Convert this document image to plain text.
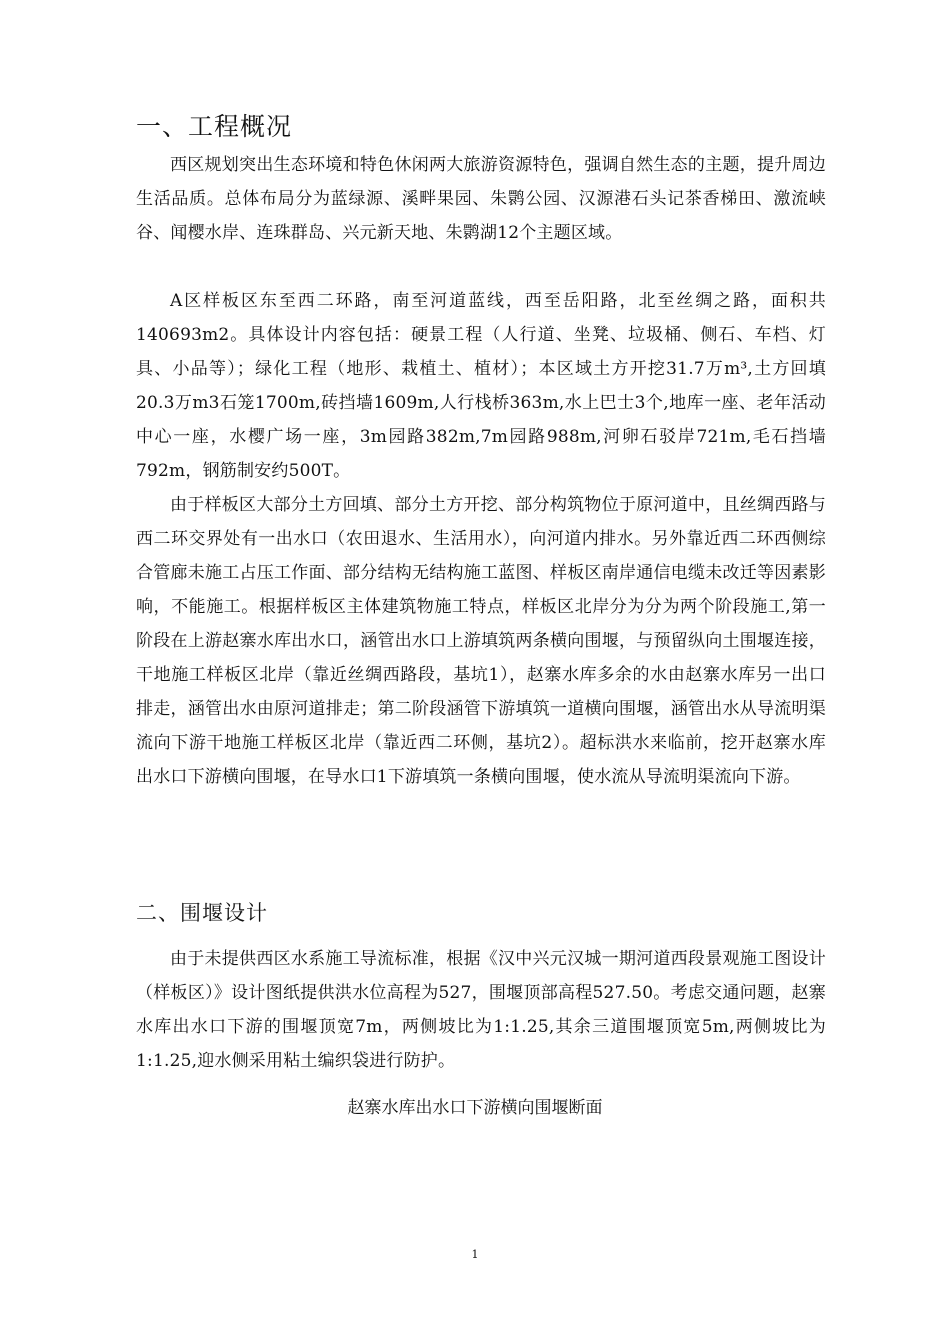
一、工程概况

西区规划突出生态环境和特色休闲两大旅游资源特色，强调自然生态的主题，提升周边生活品质。总体布局分为蓝绿源、溪畔果园、朱鹮公园、汉源港石头记茶香梯田、激流峡谷、闻樱水岸、连珠群岛、兴元新天地、朱鹮湖12个主题区域。

A区样板区东至西二环路，南至河道蓝线，西至岳阳路，北至丝绸之路，面积共140693m2。具体设计内容包括：硬景工程（人行道、坐凳、垃圾桶、侧石、车档、灯具、小品等）；绿化工程（地形、栽植土、植材）；本区域土方开挖31.7万m³,土方回填20.3万m3石笼1700m,砖挡墙1609m,人行栈桥363m,水上巴士3个,地库一座、老年活动中心一座，水樱广场一座，3m园路382m,7m园路988m,河卵石驳岸721m,毛石挡墙792m，钢筋制安约500T。

由于样板区大部分土方回填、部分土方开挖、部分构筑物位于原河道中，且丝绸西路与西二环交界处有一出水口（农田退水、生活用水），向河道内排水。另外靠近西二环西侧综合管廊未施工占压工作面、部分结构无结构施工蓝图、样板区南岸通信电缆未改迁等因素影响，不能施工。根据样板区主体建筑物施工特点，样板区北岸分为分为两个阶段施工,第一阶段在上游赵寨水库出水口，涵管出水口上游填筑两条横向围堰，与预留纵向土围堰连接，干地施工样板区北岸（靠近丝绸西路段，基坑1），赵寨水库多余的水由赵寨水库另一出口排走，涵管出水由原河道排走；第二阶段涵管下游填筑一道横向围堰，涵管出水从导流明渠流向下游干地施工样板区北岸（靠近西二环侧，基坑2）。超标洪水来临前，挖开赵寨水库出水口下游横向围堰，在导水口1下游填筑一条横向围堰，使水流从导流明渠流向下游。

二、围堰设计

由于未提供西区水系施工导流标准，根据《汉中兴元汉城一期河道西段景观施工图设计（样板区）》设计图纸提供洪水位高程为527，围堰顶部高程527.50。考虑交通问题，赵寨水库出水口下游的围堰顶宽7m，两侧坡比为1:1.25,其余三道围堰顶宽5m,两侧坡比为1:1.25,迎水侧采用粘土编织袋进行防护。

赵寨水库出水口下游横向围堰断面

1
